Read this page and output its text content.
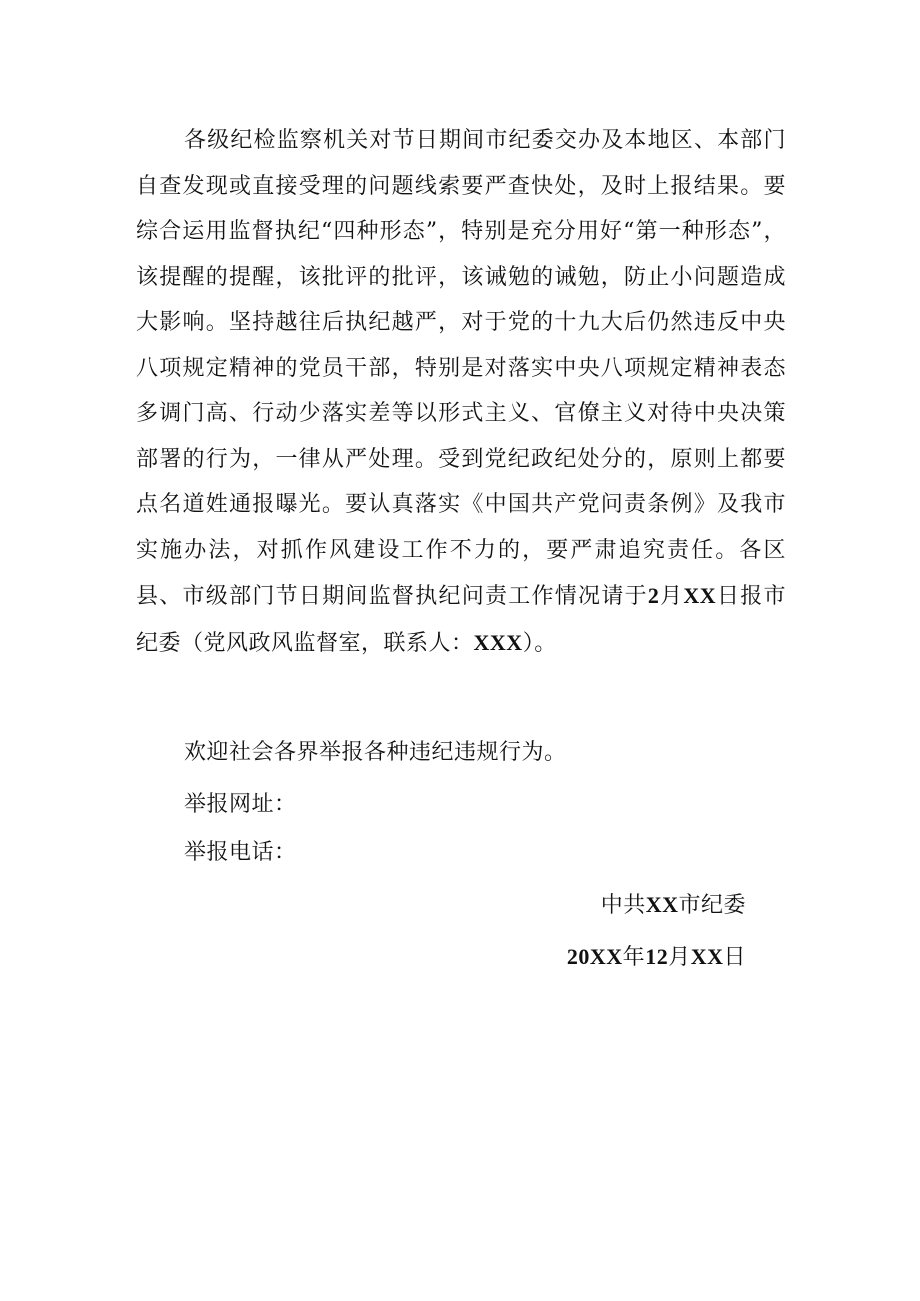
各级纪检监察机关对节日期间市纪委交办及本地区、本部门自查发现或直接受理的问题线索要严查快处，及时上报结果。要综合运用监督执纪“四种形态”，特别是充分用好“第一种形态”，该提醒的提醒，该批评的批评，该诫勉的诫勉，防止小问题造成大影响。坚持越往后执纪越严，对于党的十九大后仍然违反中央八项规定精神的党员干部，特别是对落实中央八项规定精神表态多调门高、行动少落实差等以形式主义、官僚主义对待中央决策部署的行为，一律从严处理。受到党纪政纪处分的，原则上都要点名道姓通报曝光。要认真落实《中国共产党问责条例》及我市实施办法，对抓作风建设工作不力的，要严肃追究责任。各区县、市级部门节日期间监督执纪问责工作情况请于2月XX日报市纪委（党风政风监督室，联系人：XXX）。

欢迎社会各界举报各种违纪违规行为。

举报网址：

举报电话：

中共XX市纪委

20XX年12月XX日
